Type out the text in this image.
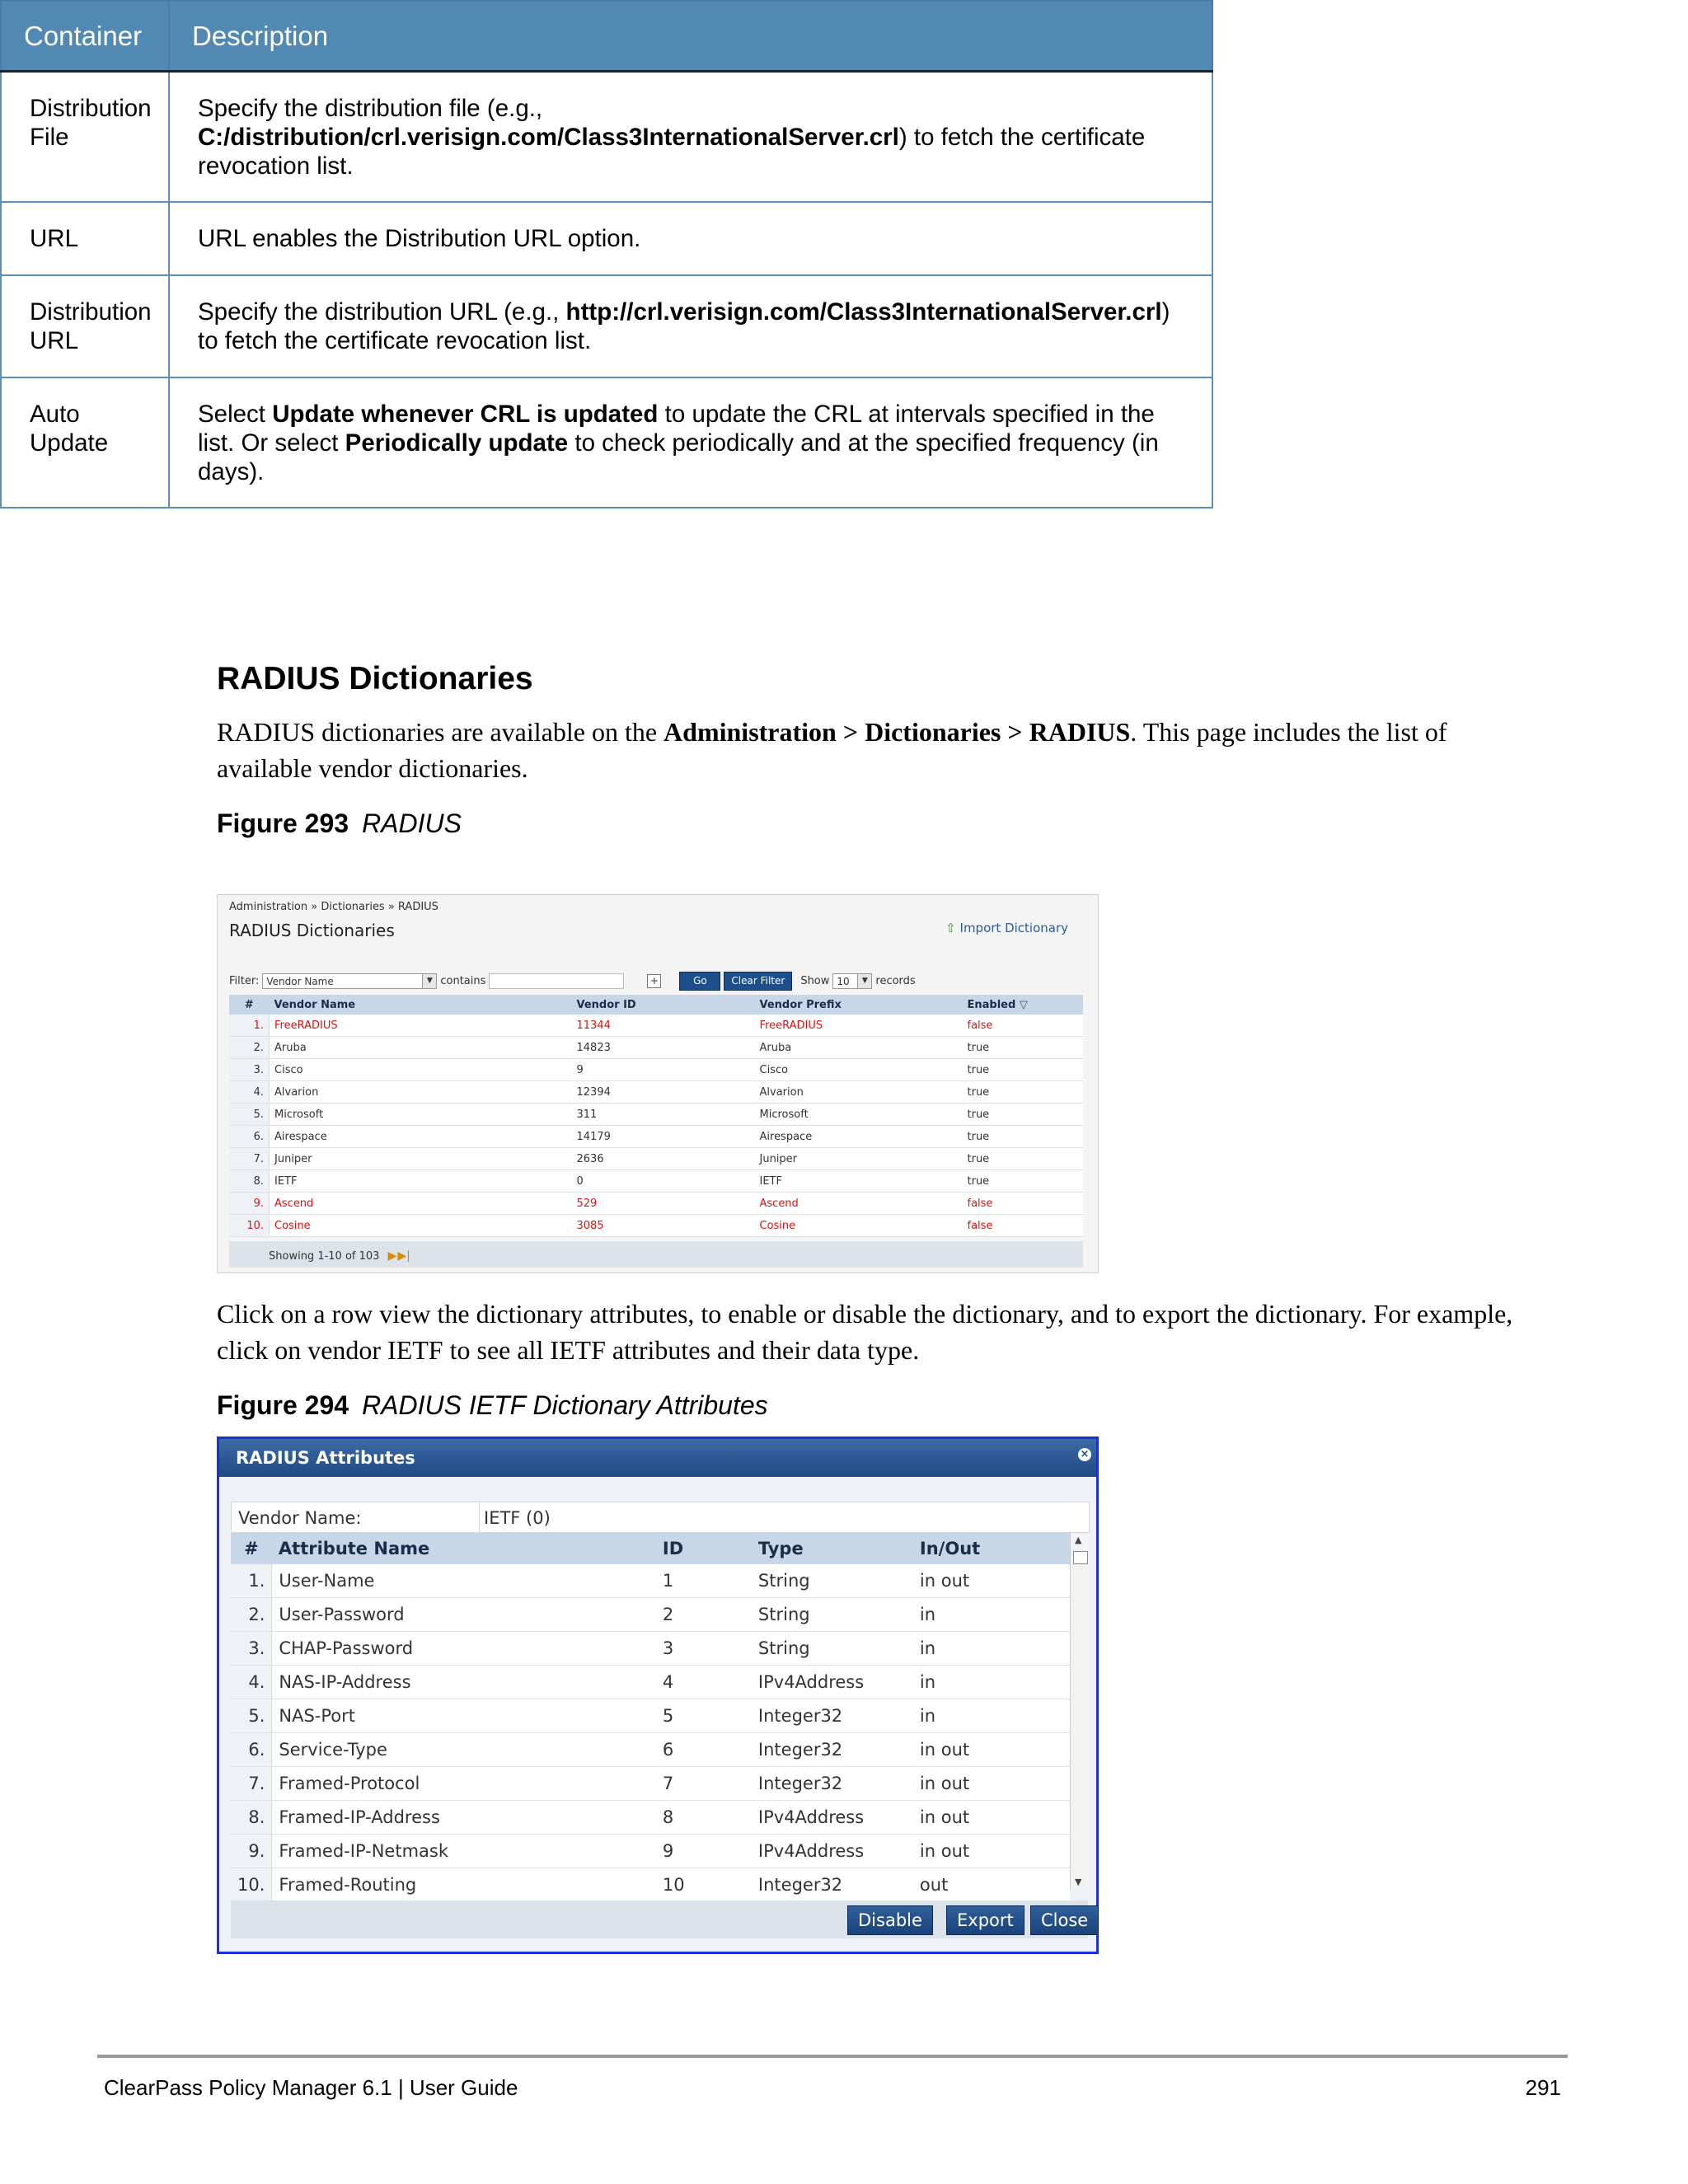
Container	Description

Distribution
File	Specify the distribution file (e.g., C:/distribution/crl.verisign.com/Class3InternationalServer.crl) to fetch the certificate revocation list.

URL	URL enables the Distribution URL option.

Distribution
URL	Specify the distribution URL (e.g., http://crl.verisign.com/Class3InternationalServer.crl) to fetch the certificate revocation list.

Auto
Update	Select Update whenever CRL is updated to update the CRL at intervals specified in the list. Or select Periodically update to check periodically and at the specified frequency (in days).
RADIUS Dictionaries
RADIUS dictionaries are available on the Administration > Dictionaries > RADIUS. This page includes the list of available vendor dictionaries.
Figure 293 RADIUS
Administration » Dictionaries » RADIUS
RADIUS Dictionaries	⇧ Import Dictionary
Filter: Vendor Name	▼ contains	+	Go	Clear Filter	Show 10	▼ records
#	Vendor Name	Vendor ID	Vendor Prefix	Enabled ▽
1.	FreeRADIUS	11344	FreeRADIUS	false
2.	Aruba	14823	Aruba	true
3.	Cisco	9	Cisco	true
4.	Alvarion	12394	Alvarion	true
5.	Microsoft	311	Microsoft	true
6.	Airespace	14179	Airespace	true
7.	Juniper	2636	Juniper	true
8.	IETF	0	IETF	true
9.	Ascend	529	Ascend	false
10.	Cosine	3085	Cosine	false
Showing 1-10 of 103 ▶▶|
Click on a row view the dictionary attributes, to enable or disable the dictionary, and to export the dictionary. For example, click on vendor IETF to see all IETF attributes and their data type.
Figure 294 RADIUS IETF Dictionary Attributes
RADIUS Attributes	×
Vendor Name:	IETF (0)
#	Attribute Name	ID	Type	In/Out
1.	User-Name	1	String	in out
2.	User-Password	2	String	in
3.	CHAP-Password	3	String	in
4.	NAS-IP-Address	4	IPv4Address	in
5.	NAS-Port	5	Integer32	in
6.	Service-Type	6	Integer32	in out
7.	Framed-Protocol	7	Integer32	in out
8.	Framed-IP-Address	8	IPv4Address	in out
9.	Framed-IP-Netmask	9	IPv4Address	in out
10.	Framed-Routing	10	Integer32	out
▲
▼
Disable	Export	Close
ClearPass Policy Manager 6.1 | User Guide	291
